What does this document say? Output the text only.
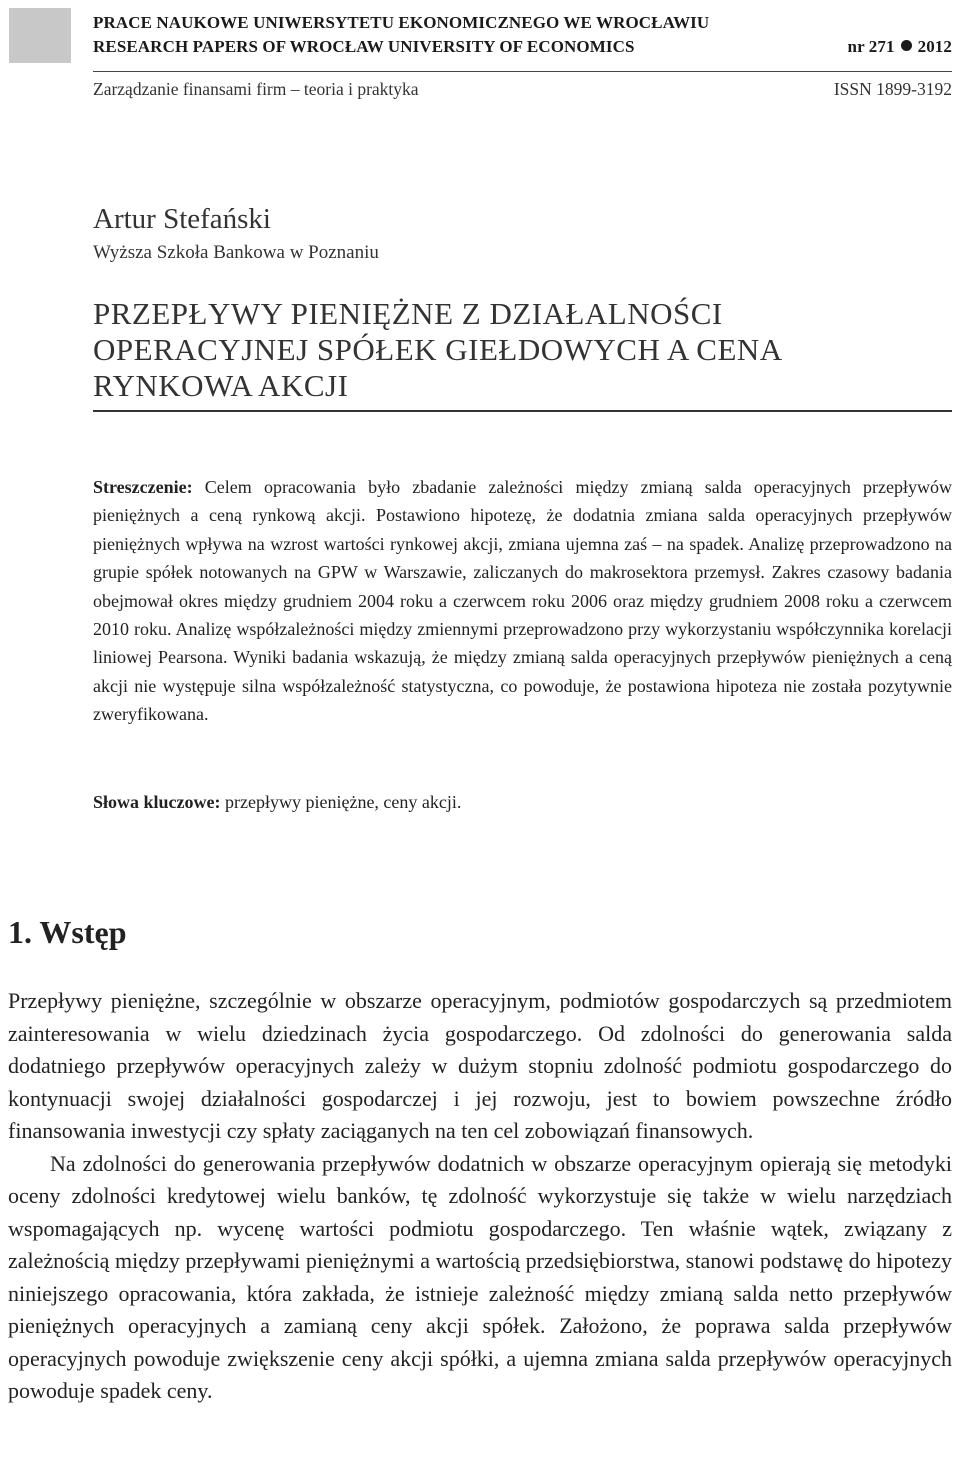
PRACE NAUKOWE UNIWERSYTETU EKONOMICZNEGO WE WROCŁAWIU
RESEARCH PAPERS OF WROCŁAW UNIVERSITY OF ECONOMICS	nr 271 2012
Zarządzanie finansami firm – teoria i praktyka	ISSN 1899-3192
Artur Stefański
Wyższa Szkoła Bankowa w Poznaniu
PRZEPŁYWY PIENIĘŻNE Z DZIAŁALNOŚCI
OPERACYJNEJ SPÓŁEK GIEŁDOWYCH A CENA
RYNKOWA AKCJI

Streszczenie: Celem opracowania było zbadanie zależności między zmianą salda operacyjnych przepływów pieniężnych a ceną rynkową akcji. Postawiono hipotezę, że dodatnia zmiana salda operacyjnych przepływów pieniężnych wpływa na wzrost wartości rynkowej akcji, zmiana ujemna zaś – na spadek. Analizę przeprowadzono na grupie spółek notowanych na GPW w Warszawie, zaliczanych do makrosektora przemysł. Zakres czasowy badania obejmował okres między grudniem 2004 roku a czerwcem roku 2006 oraz między grudniem 2008 roku a czerwcem 2010 roku. Analizę współzależności między zmiennymi przeprowadzono przy wykorzystaniu współczynnika korelacji liniowej Pearsona. Wyniki badania wskazują, że między zmianą salda operacyjnych przepływów pieniężnych a ceną akcji nie występuje silna współzależność statystyczna, co powoduje, że postawiona hipoteza nie została pozytywnie zweryfikowana.

Słowa kluczowe: przepływy pieniężne, ceny akcji.

1. Wstęp

Przepływy pieniężne, szczególnie w obszarze operacyjnym, podmiotów gospodarczych są przedmiotem zainteresowania w wielu dziedzinach życia gospodarczego. Od zdolności do generowania salda dodatniego przepływów operacyjnych zależy w dużym stopniu zdolność podmiotu gospodarczego do kontynuacji swojej działalności gospodarczej i jej rozwoju, jest to bowiem powszechne źródło finansowania inwestycji czy spłaty zaciąganych na ten cel zobowiązań finansowych.

Na zdolności do generowania przepływów dodatnich w obszarze operacyjnym opierają się metodyki oceny zdolności kredytowej wielu banków, tę zdolność wykorzystuje się także w wielu narzędziach wspomagających np. wycenę wartości podmiotu gospodarczego. Ten właśnie wątek, związany z zależnością między przepływami pieniężnymi a wartością przedsiębiorstwa, stanowi podstawę do hipotezy niniejszego opracowania, która zakłada, że istnieje zależność między zmianą salda netto przepływów pieniężnych operacyjnych a zamianą ceny akcji spółek. Założono, że poprawa salda przepływów operacyjnych powoduje zwiększenie ceny akcji spółki, a ujemna zmiana salda przepływów operacyjnych powoduje spadek ceny.
